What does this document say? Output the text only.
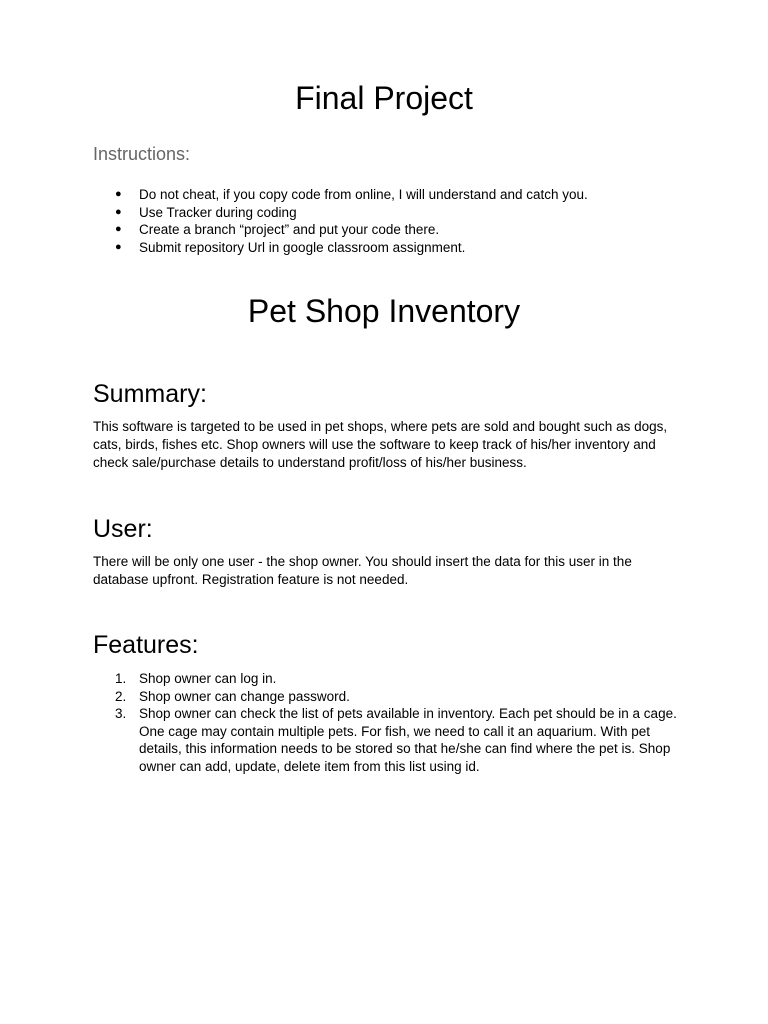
Final Project

Instructions:

● Do not cheat, if you copy code from online, I will understand and catch you.
● Use Tracker during coding
● Create a branch “project” and put your code there.
● Submit repository Url in google classroom assignment.
Pet Shop Inventory
Summary:

This software is targeted to be used in pet shops, where pets are sold and bought such as dogs, cats, birds, fishes etc. Shop owners will use the software to keep track of his/her inventory and check sale/purchase details to understand profit/loss of his/her business.

User:

There will be only one user - the shop owner. You should insert the data for this user in the database upfront. Registration feature is not needed.

Features:
1. Shop owner can log in.
2. Shop owner can change password.
3. Shop owner can check the list of pets available in inventory. Each pet should be in a cage. One cage may contain multiple pets. For fish, we need to call it an aquarium. With pet details, this information needs to be stored so that he/she can find where the pet is. Shop owner can add, update, delete item from this list using id.
